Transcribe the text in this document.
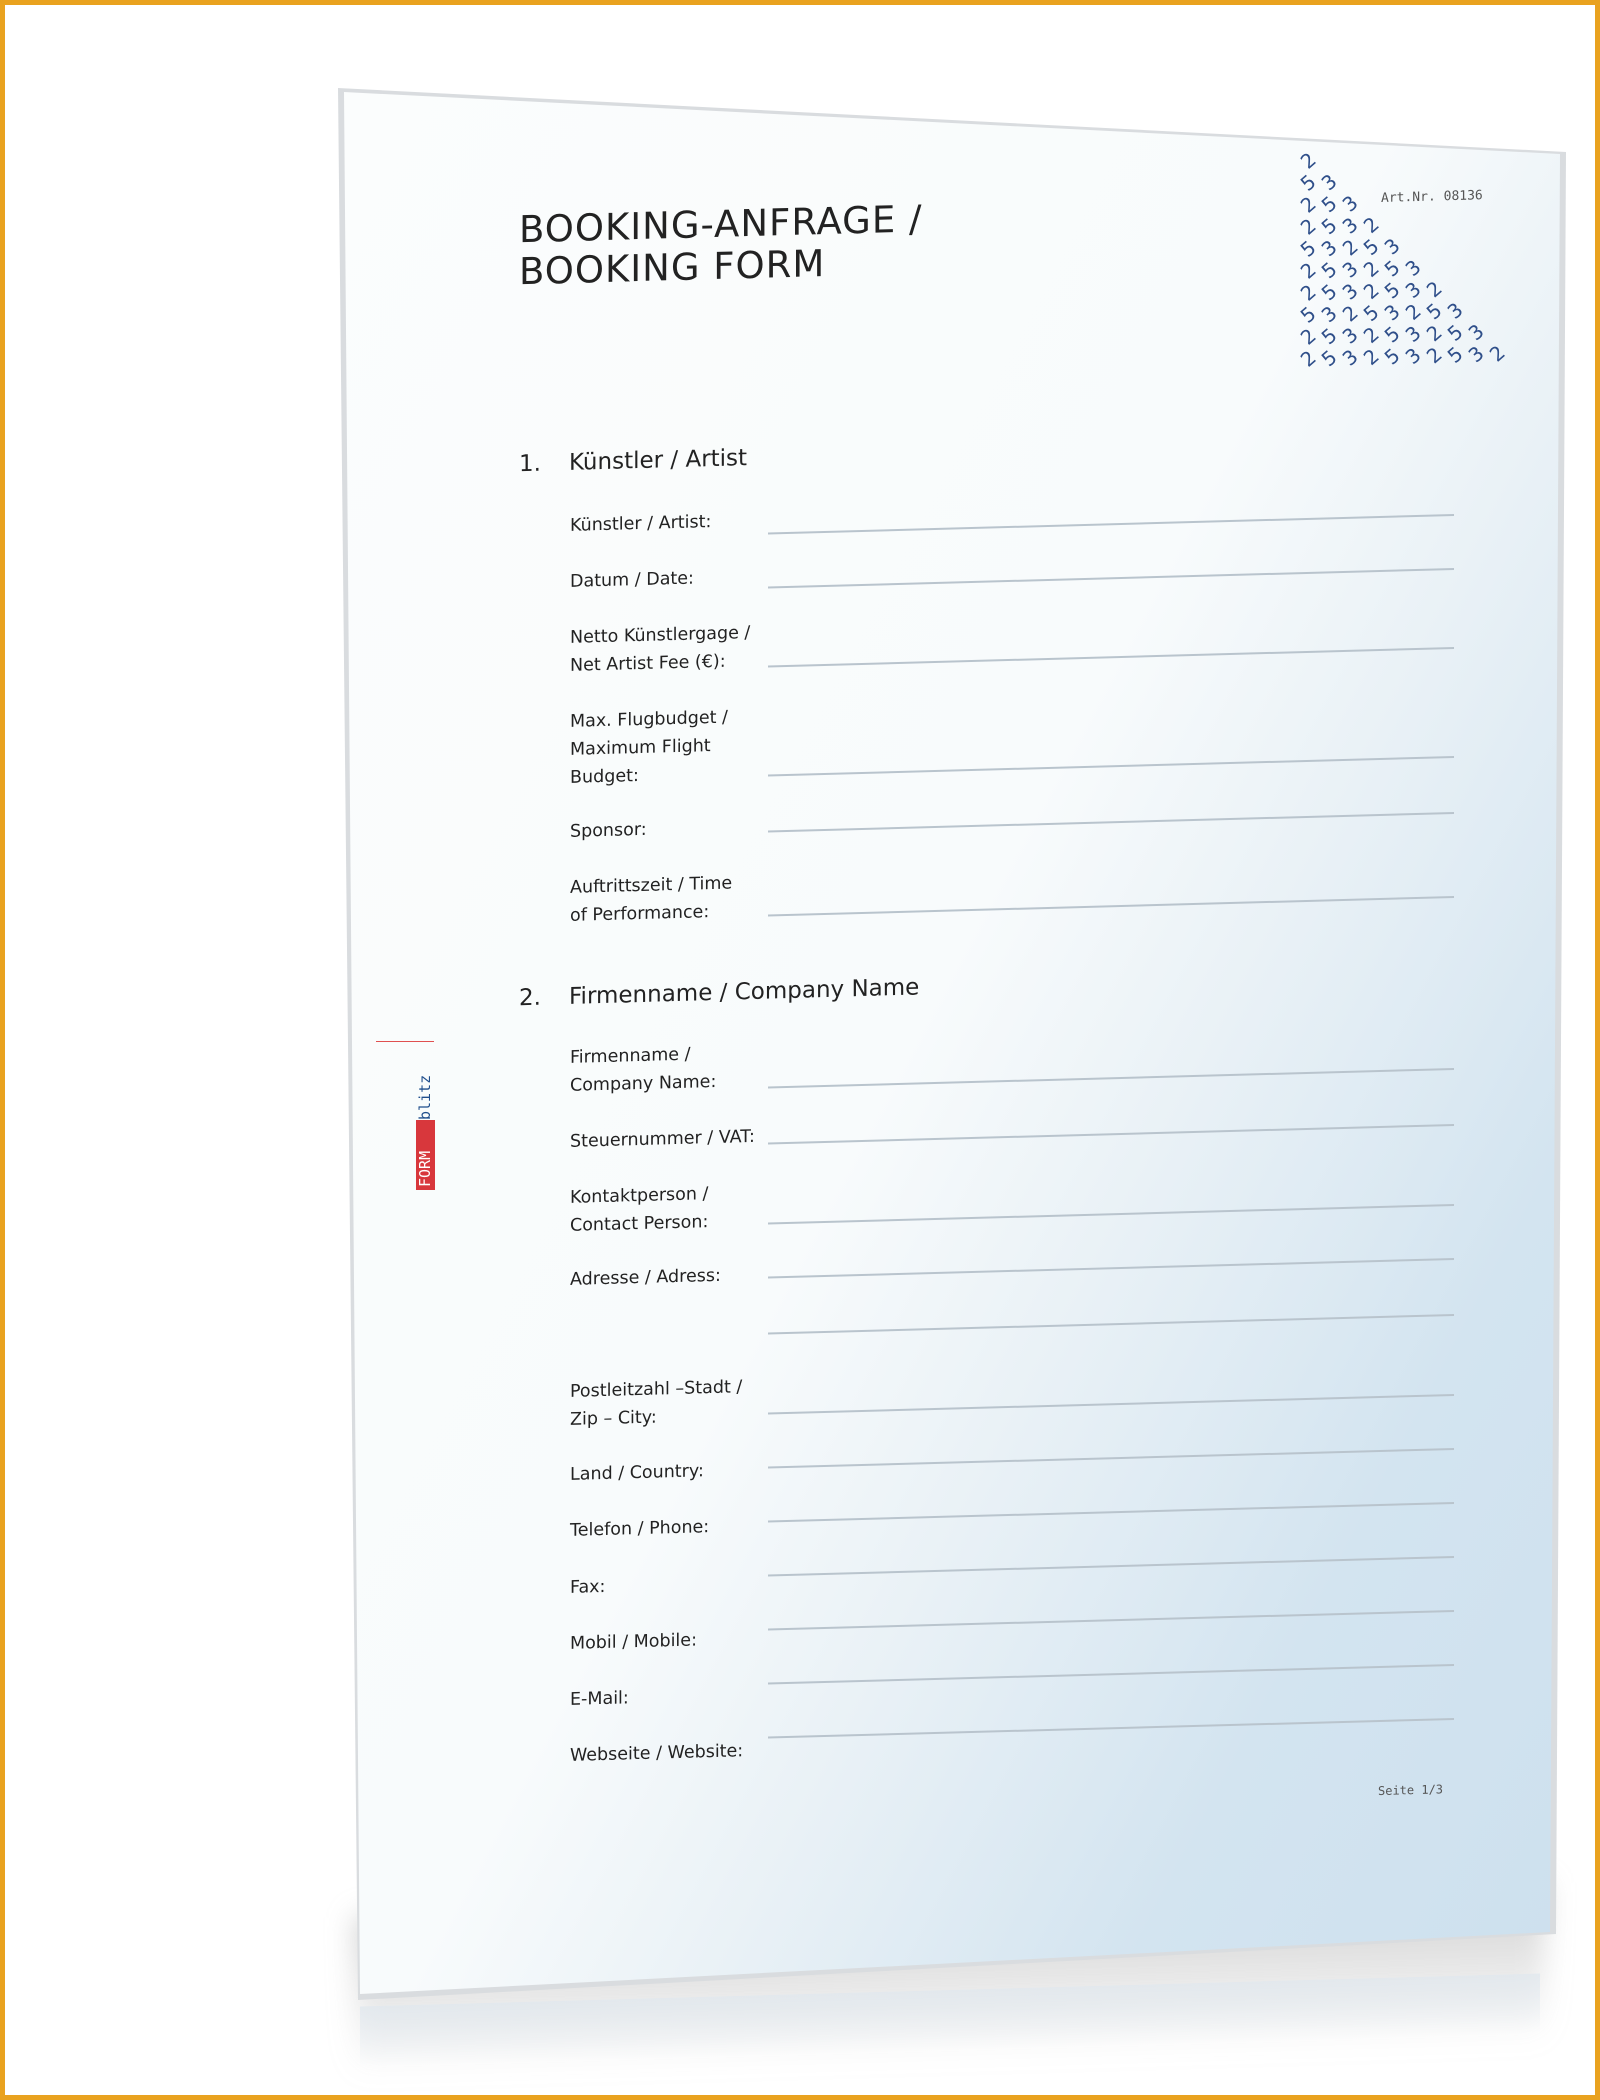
BOOKING-ANFRAGE /
BOOKING FORM
Art.Nr. 08136
2
5
3
2
5
3
2
5
3
2
5
3
2
5
3
2
5
3
2
5
3
2
5
3
2
5
3
2
5
3
2
5
3
2
5
3
2
5
3
2
5
3
2
5
3
2
5
3
2
5
3
2
5
3
2
1. Künstler / Artist
Künstler / Artist:
Datum / Date:
Netto Künstlergage / Net Artist Fee (€):
Max. Flugbudget / Maximum Flight Budget:
Sponsor:
Auftrittszeit / Time of Performance:
2. Firmenname / Company Name
Firmenname / Company Name:
Steuernummer / VAT:
Kontaktperson / Contact Person:
Adresse / Adress:
Postleitzahl –Stadt / Zip – City:
Land / Country:
Telefon / Phone:
Fax:
Mobil / Mobile:
E-Mail:
Webseite / Website:
Seite 1/3
FORM
blitz
